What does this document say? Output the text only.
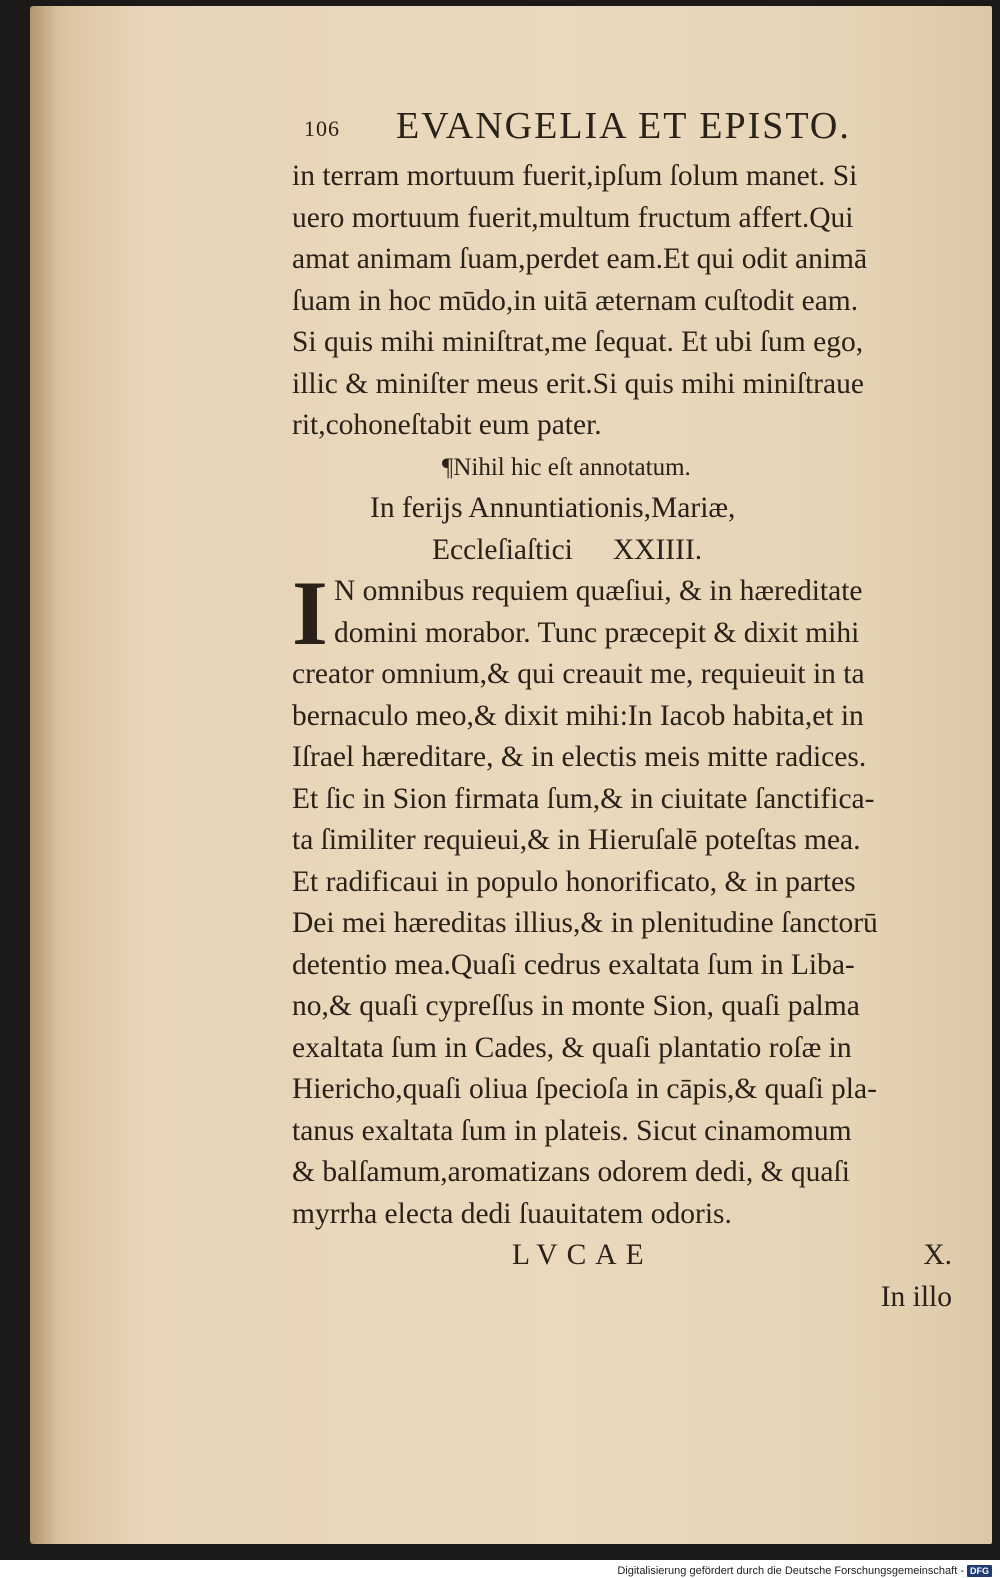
106 EVANGELIA ET EPISTO.
in terram mortuum fuerit,ipſum ſolum manet. Si
uero mortuum fuerit,multum fructum affert.Qui
amat animam ſuam,perdet eam.Et qui odit animā
ſuam in hoc mūdo,in uitā æternam cuſtodit eam.
Si quis mihi miniſtrat,me ſequat. Et ubi ſum ego,
illic & miniſter meus erit.Si quis mihi miniſtraue
rit,cohoneſtabit eum pater.
¶Nihil hic eſt annotatum.
In ferijs Annuntiationis,Mariæ,
Eccleſiaſtici XXIIII.
I N omnibus requiem quæſiui, & in hæreditate
domini morabor. Tunc præcepit & dixit mihi
creator omnium,& qui creauit me, requieuit in ta
bernaculo meo,& dixit mihi:In Iacob habita,et in
Iſrael hæreditare, & in electis meis mitte radices.
Et ſic in Sion firmata ſum,& in ciuitate ſanctifica-
ta ſimiliter requieui,& in Hieruſalē poteſtas mea.
Et radificaui in populo honorificato, & in partes
Dei mei hæreditas illius,& in plenitudine ſanctorū
detentio mea.Quaſi cedrus exaltata ſum in Liba-
no,& quaſi cypreſſus in monte Sion, quaſi palma
exaltata ſum in Cades, & quaſi plantatio roſæ in
Hiericho,quaſi oliua ſpecioſa in cāpis,& quaſi pla-
tanus exaltata ſum in plateis. Sicut cinamomum
& balſamum,aromatizans odorem dedi, & quaſi
myrrha electa dedi ſuauitatem odoris.
LVCAE	X.
In illo
Digitalisierung gefördert durch die Deutsche Forschungsgemeinschaft - DFG
